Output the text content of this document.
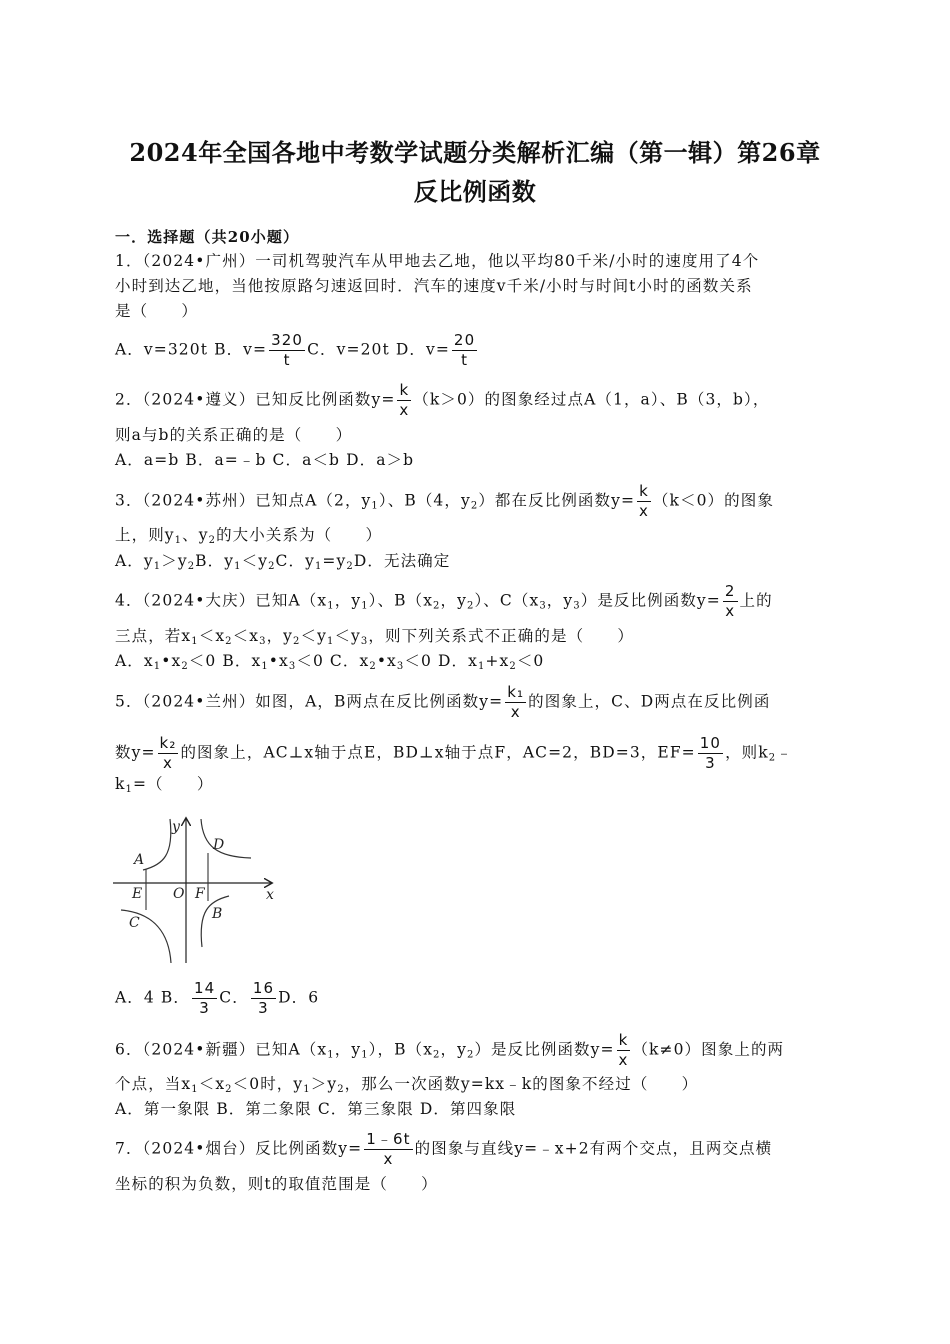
2024年全国各地中考数学试题分类解析汇编（第一辑）第26章
反比例函数
一．选择题（共20小题）
1．（2024•广州）一司机驾驶汽车从甲地去乙地，他以平均80千米/小时的速度用了4个
小时到达乙地，当他按原路匀速返回时．汽车的速度v千米/小时与时间t小时的函数关系
是（　　）
A．v=320t B．$v= \frac{320}{t}$ C．v=20t D．$v= \frac{20}{t}$
2．（2024•遵义）已知反比例函数$y= \frac{k}{x} (k>0)$的图象经过点A（1，a）、B（3，b），
则a与b的关系正确的是（　　）
A．a=b B．a=﹣b C．a＜b D．a＞b
3．（2024•苏州）已知点A（2，$y_1$）、B（4，$y_2$）都在反比例函数$y= \frac{k}{x} (k<0)$的图象
上，则$y_1$、$y_2$的大小关系为（　　）
A．$y_1>y_2B$．$y_1<y_2C$．$y_1=y_2D$．无法确定
4．（2024•大庆）已知$A(x_1$，$y_1$）、$B(x_2$，$y_2$）、$C(x_3$，$y_3$）是反比例函数$y= \frac{2}{x}$ 上的
三点，若$x_1<x_2<x_3$，$y_2<y_1<y_3$，则下列关系式不正确的是（　　）
A．$x_1•x_2<0$ B．$x_1•x_3<0$ C．$x_2•x_3<0$ D．$x_1+x_2<0$
5．（2024•兰州）如图，A，B两点在反比例函数$y= \frac{\text{k₁}}{x}$ 的图象上，C、D两点在反比例函
数$y= \frac{\text{k₂}}{x}$ 的图象上，AC⊥x轴于点E，BD⊥x轴于点F，AC=2，BD=3，$EF= \frac{10}{3}$ ，则$k_2﹣$
$k_1=$（　　）
y
x
O
A
B
C
D
E	F
A．4 B． $\frac{14}{3}$ C． $\frac{16}{3}$ D．6
6．（2024•新疆）已知$A(x_1$，$y_1$），$B(x_2$，$y_2$）是反比例函数$y= \frac{k}{x} (k\ne 0)$图象上的两
个点，当$x_1<x_2<0$时，$y_1>y_2$，那么一次函数y=kx﹣k的图象不经过（　　）
A．第一象限 B．第二象限 C．第三象限 D．第四象限
7．（2024•烟台）反比例函数$y= \frac{1﹣6t}{x}$ 的图象与直线y=﹣x+2有两个交点，且两交点横
坐标的积为负数，则t的取值范围是（　　）
